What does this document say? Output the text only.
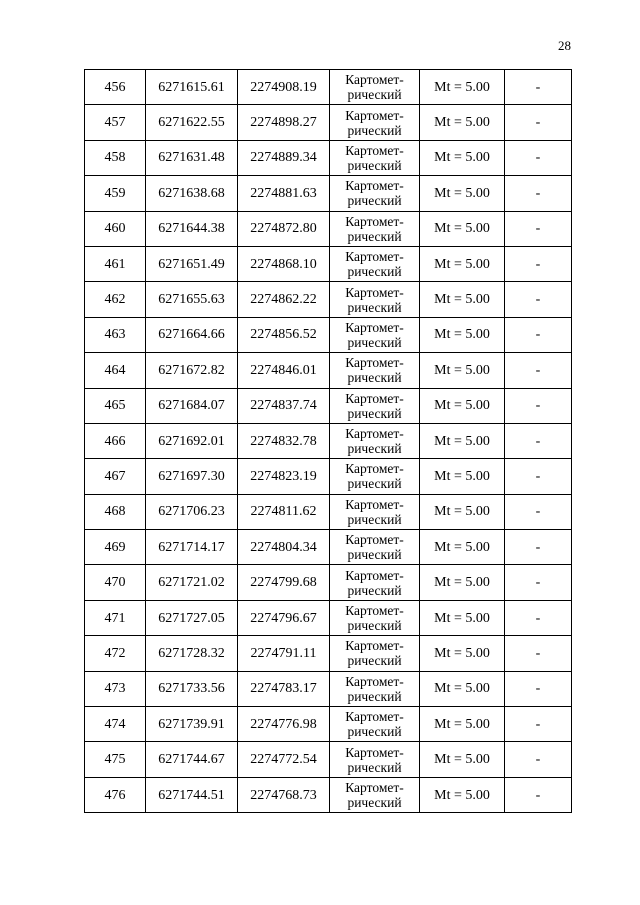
28
456	6271615.61	2274908.19	Картомет-
рический	Mt = 5.00	-
457	6271622.55	2274898.27	Картомет-
рический	Mt = 5.00	-
458	6271631.48	2274889.34	Картомет-
рический	Mt = 5.00	-
459	6271638.68	2274881.63	Картомет-
рический	Mt = 5.00	-
460	6271644.38	2274872.80	Картомет-
рический	Mt = 5.00	-
461	6271651.49	2274868.10	Картомет-
рический	Mt = 5.00	-
462	6271655.63	2274862.22	Картомет-
рический	Mt = 5.00	-
463	6271664.66	2274856.52	Картомет-
рический	Mt = 5.00	-
464	6271672.82	2274846.01	Картомет-
рический	Mt = 5.00	-
465	6271684.07	2274837.74	Картомет-
рический	Mt = 5.00	-
466	6271692.01	2274832.78	Картомет-
рический	Mt = 5.00	-
467	6271697.30	2274823.19	Картомет-
рический	Mt = 5.00	-
468	6271706.23	2274811.62	Картомет-
рический	Mt = 5.00	-
469	6271714.17	2274804.34	Картомет-
рический	Mt = 5.00	-
470	6271721.02	2274799.68	Картомет-
рический	Mt = 5.00	-
471	6271727.05	2274796.67	Картомет-
рический	Mt = 5.00	-
472	6271728.32	2274791.11	Картомет-
рический	Mt = 5.00	-
473	6271733.56	2274783.17	Картомет-
рический	Mt = 5.00	-
474	6271739.91	2274776.98	Картомет-
рический	Mt = 5.00	-
475	6271744.67	2274772.54	Картомет-
рический	Mt = 5.00	-
476	6271744.51	2274768.73	Картомет-
рический	Mt = 5.00	-
